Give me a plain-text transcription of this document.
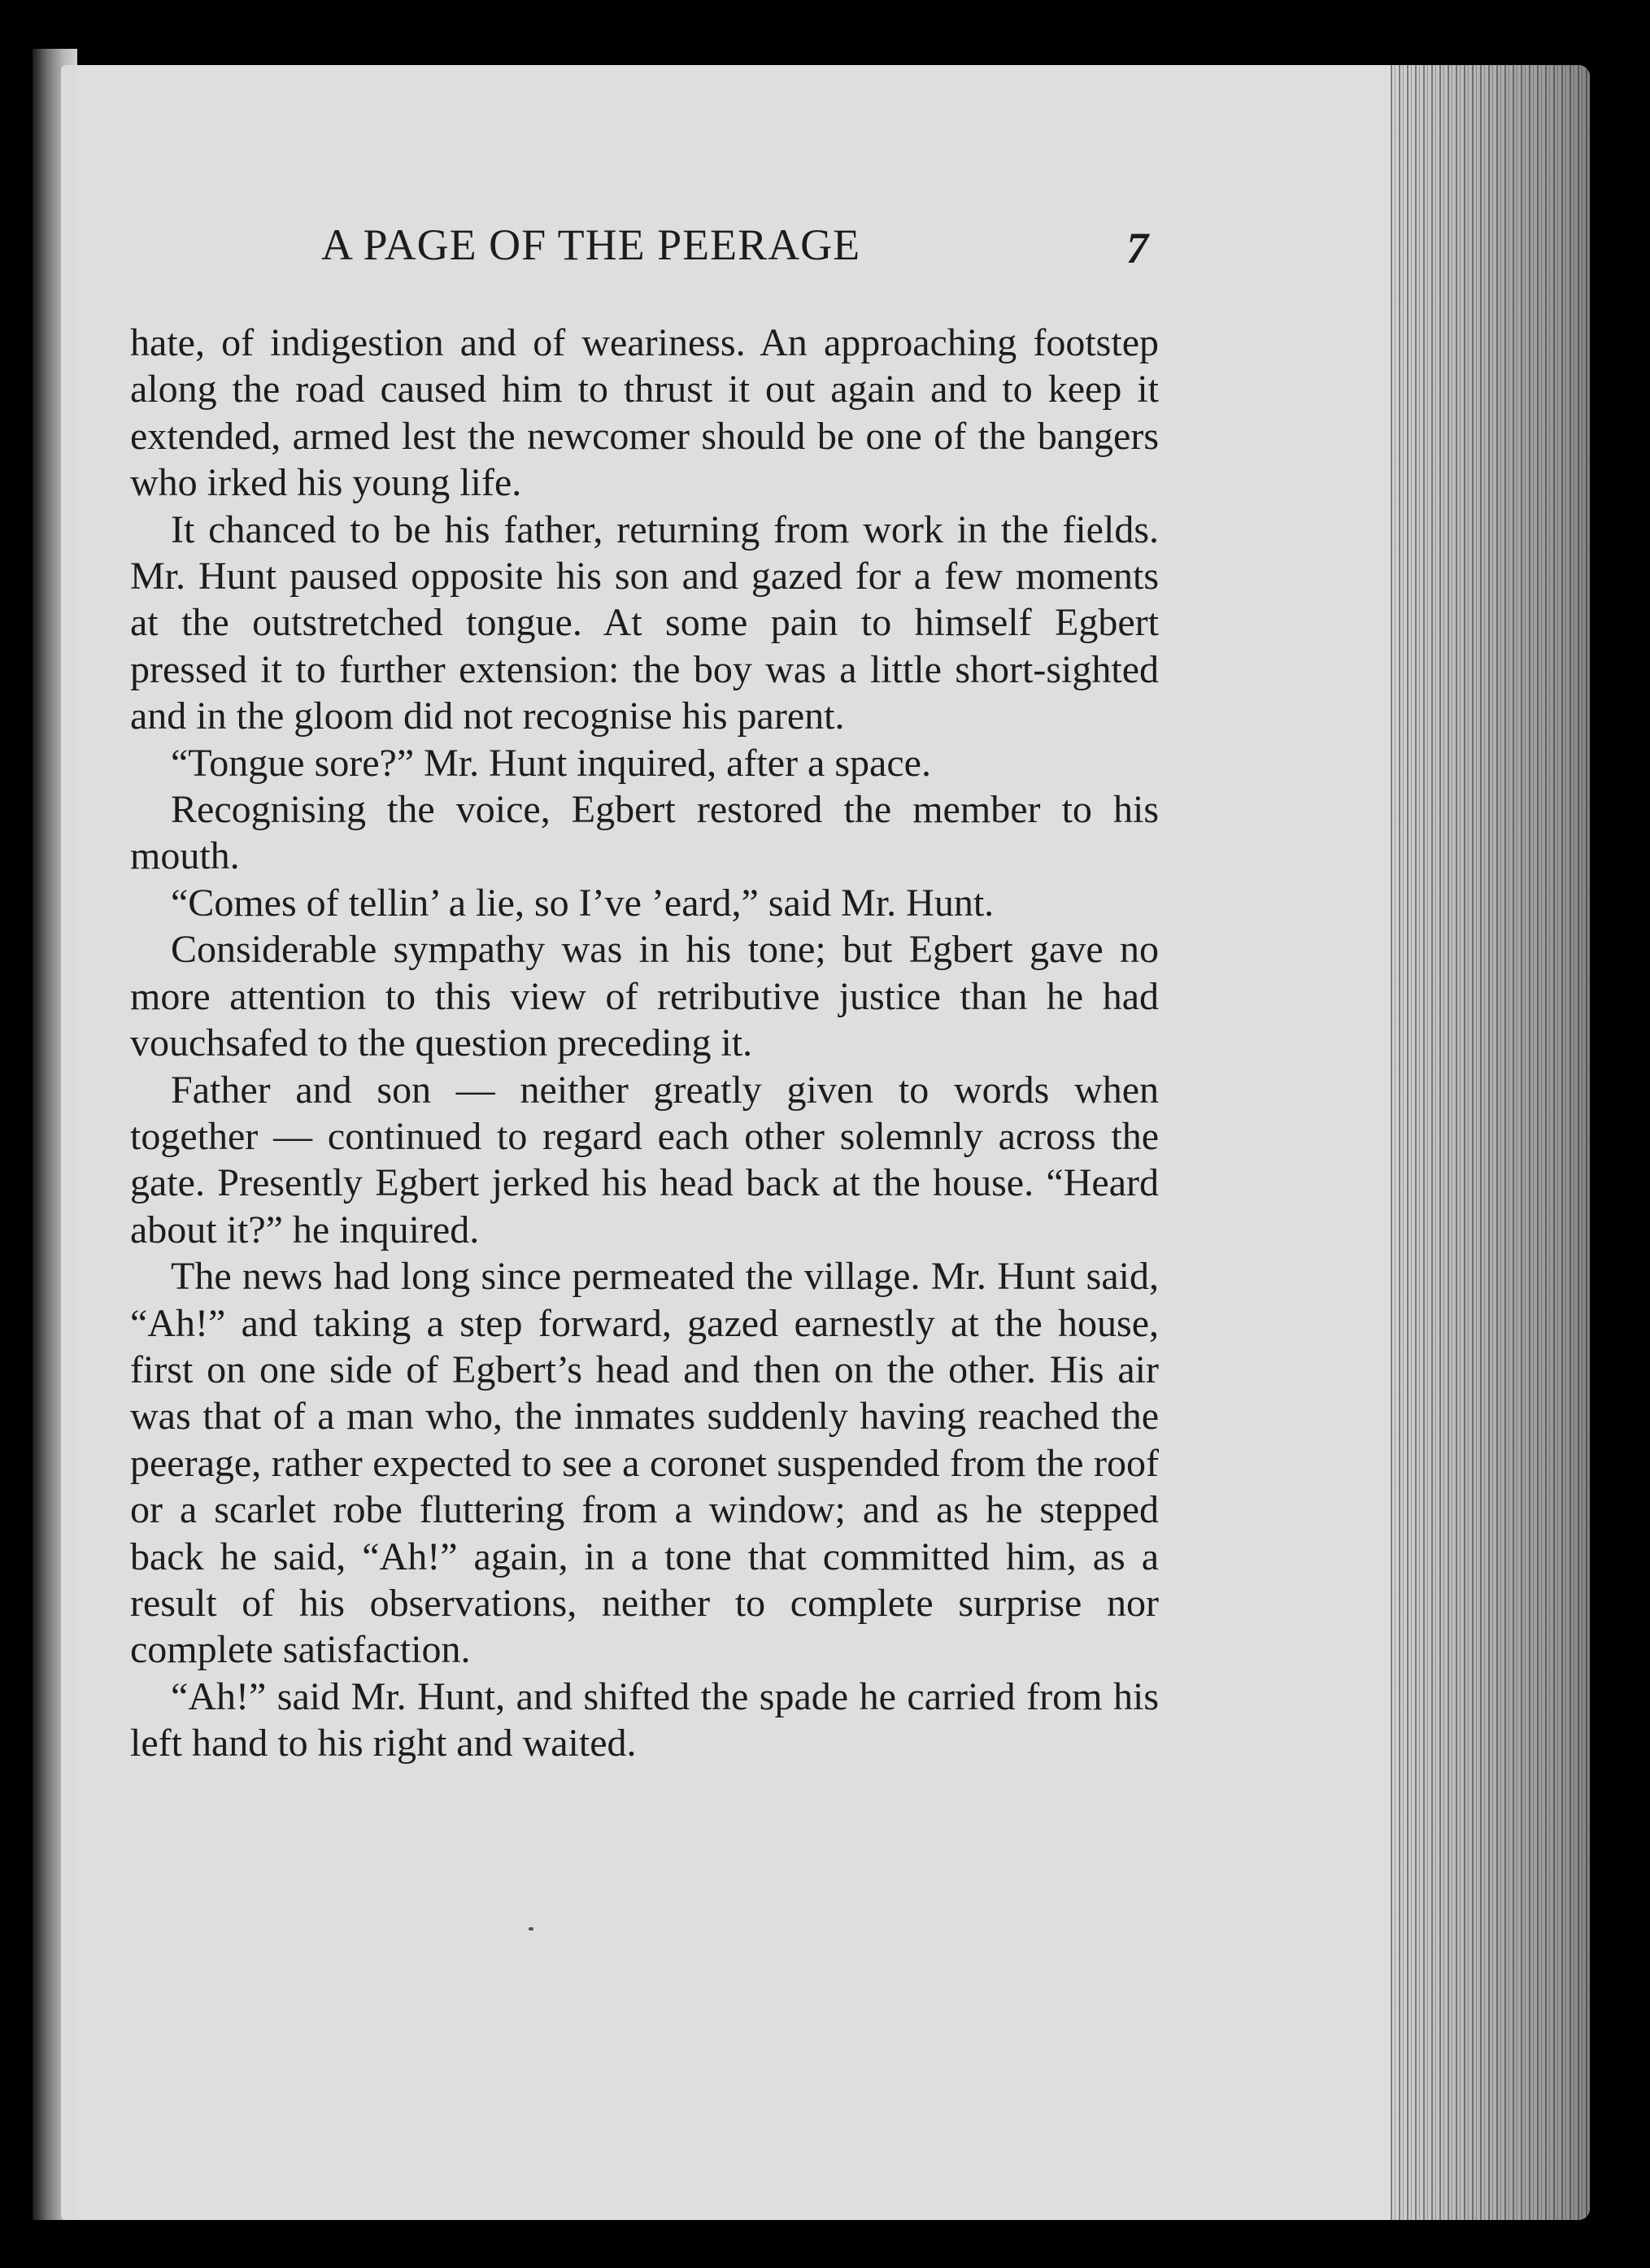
A PAGE OF THE PEERAGE	7

hate, of indigestion and of weariness. An approaching footstep along the road caused him to thrust it out again and to keep it extended, armed lest the newcomer should be one of the bangers who irked his young life.

It chanced to be his father, returning from work in the fields. Mr. Hunt paused opposite his son and gazed for a few moments at the outstretched tongue. At some pain to himself Egbert pressed it to further extension: the boy was a little short-sighted and in the gloom did not recognise his parent.

“Tongue sore?” Mr. Hunt inquired, after a space.

Recognising the voice, Egbert restored the member to his mouth.

“Comes of tellin’ a lie, so I’ve ’eard,” said Mr. Hunt.

Considerable sympathy was in his tone; but Egbert gave no more attention to this view of retributive justice than he had vouchsafed to the question preceding it.

Father and son — neither greatly given to words when together — continued to regard each other solemnly across the gate. Presently Egbert jerked his head back at the house. “Heard about it?” he inquired.

The news had long since permeated the village. Mr. Hunt said, “Ah!” and taking a step forward, gazed earnestly at the house, first on one side of Egbert’s head and then on the other. His air was that of a man who, the inmates suddenly having reached the peerage, rather expected to see a coronet suspended from the roof or a scarlet robe fluttering from a window; and as he stepped back he said, “Ah!” again, in a tone that committed him, as a result of his observations, neither to complete surprise nor complete satisfaction.

“Ah!” said Mr. Hunt, and shifted the spade he carried from his left hand to his right and waited.
